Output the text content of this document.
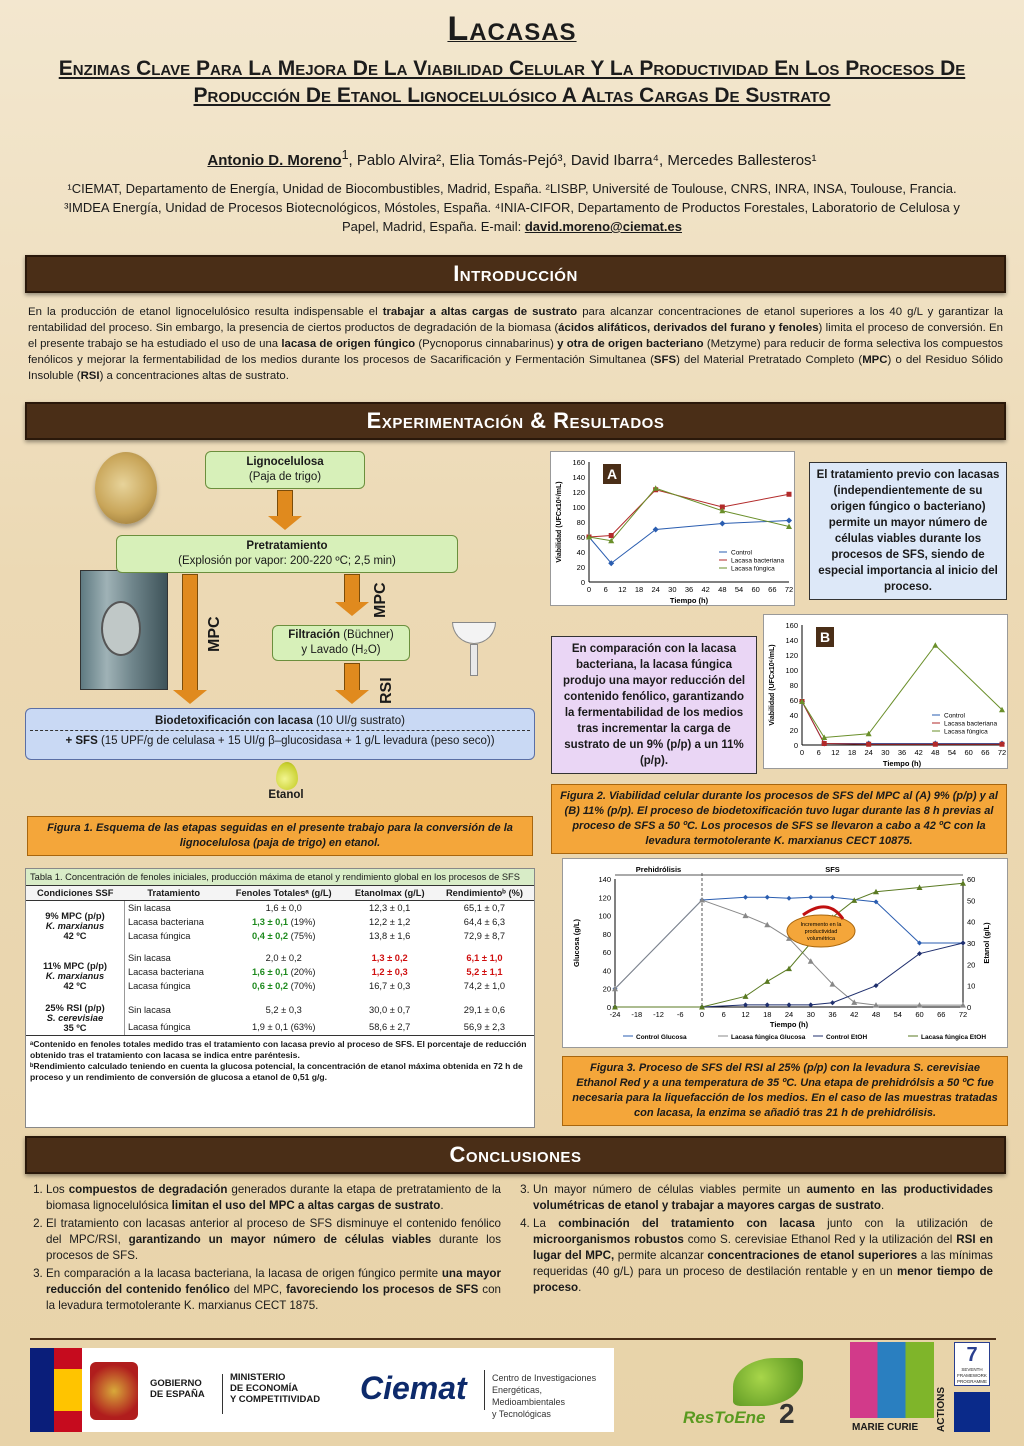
Lacasas
Enzimas Clave Para La Mejora De La Viabilidad Celular Y La Productividad En Los Procesos De Producción De Etanol Lignocelulósico A Altas Cargas De Sustrato
Antonio D. Moreno$^1$, Pablo Alvira², Elia Tomás-Pejó³, David Ibarra⁴, Mercedes Ballesteros¹
¹CIEMAT, Departamento de Energía, Unidad de Biocombustibles, Madrid, España. ²LISBP, Université de Toulouse, CNRS, INRA, INSA, Toulouse, Francia.
³IMDEA Energía, Unidad de Procesos Biotecnológicos, Móstoles, España. ⁴INIA-CIFOR, Departamento de Productos Forestales, Laboratorio de Celulosa y
Papel, Madrid, España. E-mail: david.moreno@ciemat.es
Introducción
En la producción de etanol lignocelulósico resulta indispensable el trabajar a altas cargas de sustrato para alcanzar concentraciones de etanol superiores a los 40 g/L y garantizar la rentabilidad del proceso. Sin embargo, la presencia de ciertos productos de degradación de la biomasa (ácidos alifáticos, derivados del furano y fenoles) limita el proceso de conversión. En el presente trabajo se ha estudiado el uso de una lacasa de origen fúngico (Pycnoporus cinnabarinus) y otra de origen bacteriano (Metzyme) para reducir de forma selectiva los compuestos fenólicos y mejorar la fermentabilidad de los medios durante los procesos de Sacarificación y Fermentación Simultanea (SFS) del Material Pretratado Completo (MPC) o del Residuo Sólido Insoluble (RSI) a concentraciones altas de sustrato.
Experimentación & Resultados
Lignocelulosa
(Paja de trigo)
Pretratamiento
(Explosión por vapor: 200-220 ºC; 2,5 min)
MPC
MPC
Filtración (Büchner)
y Lavado (H₂O)
RSI
Biodetoxificación con lacasa (10 UI/g sustrato)
+ SFS (15 UPF/g de celulasa + 15 UI/g β–glucosidasa + 1 g/L levadura (peso seco))
Etanol
Figura 1. Esquema de las etapas seguidas en el presente trabajo para la conversión de la lignocelulosa (paja de trigo) en etanol.
0
20
40
60
80
100
120
140
160
0 6 12 18 24 30 36 42 48 54 60 66 72
Tiempo (h)
Viabilidad (UFCx10⁶/mL)	Control
Lacasa bacteriana
Lacasa fúngica
A	El tratamiento previo con lacasas (independientemente de su origen fúngico o bacteriano) permite un mayor número de células viables durante los procesos de SFS, siendo de especial importancia al inicio del proceso.
En comparación con la lacasa bacteriana, la lacasa fúngica produjo una mayor reducción del contenido fenólico, garantizando la fermentabilidad de los medios tras incrementar la carga de sustrato de un 9% (p/p) a un 11% (p/p).
0
20
40
60
80
100
120
140
160
0 6 12 18 24 30 36 42 48 54 60 66 72
Tiempo (h)
Viabilidad (UFCx10⁶/mL)	Control
Lacasa bacteriana
Lacasa fúngica
B
Figura 2. Viabilidad celular durante los procesos de SFS del MPC al (A) 9% (p/p) y al (B) 11% (p/p). El proceso de biodetoxificación tuvo lugar durante las 8 h previas al proceso de SFS a 50 ºC. Los procesos de SFS se llevaron a cabo a 42 ºC con la levadura termotolerante K. marxianus CECT 10875.
Tabla 1. Concentración de fenoles iniciales, producción máxima de etanol y rendimiento global en los procesos de SFS
Condiciones SSF	Tratamiento	Fenoles Totalesᵃ (g/L)	Etanolmax (g/L)	Rendimientoᵇ (%)

9% MPC (p/p)
K. marxianus
42 ºC	Sin lacasa	1,6 ± 0,0	12,3 ± 0,1	65,1 ± 0,7
	Lacasa bacteriana	1,3 ± 0,1 (19%)	12,2 ± 1,2	64,4 ± 6,3
	Lacasa fúngica	0,4 ± 0,2 (75%)	13,8 ± 1,6	72,9 ± 8,7

11% MPC (p/p)
K. marxianus
42 ºC	Sin lacasa	2,0 ± 0,2	1,3 ± 0,2	6,1 ± 1,0
	Lacasa bacteriana	1,6 ± 0,1 (20%)	1,2 ± 0,3	5,2 ± 1,1
	Lacasa fúngica	0,6 ± 0,2 (70%)	16,7 ± 0,3	74,2 ± 1,0

25% RSI (p/p)
S. cerevisiae
35 ºC	Sin lacasa	5,2 ± 0,3	30,0 ± 0,7	29,1 ± 0,6
	Lacasa fúngica	1,9 ± 0,1 (63%)	58,6 ± 2,7	56,9 ± 2,3
ᵃContenido en fenoles totales medido tras el tratamiento con lacasa previo al proceso de SFS. El porcentaje de reducción obtenido tras el tratamiento con lacasa se indica entre paréntesis.
ᵇRendimiento calculado teniendo en cuenta la glucosa potencial, la concentración de etanol máxima obtenida en 72 h de proceso y un rendimiento de conversión de glucosa a etanol de 0,51 g/g.
0
20
40
60
80
100
120
140
0
10
20
30
40
50
60
-24 -18 -12 -6 0 6 12 18 24 30 36 42 48 54 60 66 72
Tiempo (h)
Glucosa (g/L)	Etanol (g/L)
Prehidrólisis	SFS
Control Glucosa	Lacasa fúngica Glucosa	Control EtOH	Lacasa fúngica EtOH
Incremento en la
productividad
volumétrica
Figura 3. Proceso de SFS del RSI al 25% (p/p) con la levadura S. cerevisiae Ethanol Red y a una temperatura de 35 ºC. Una etapa de prehidrólsis a 50 ºC fue necesaria para la liquefacción de los medios. En el caso de las muestras tratadas con lacasa, la enzima se añadió tras 21 h de prehidrólisis.
Conclusiones
1. Los compuestos de degradación generados durante la etapa de pretratamiento de la biomasa lignocelulósica limitan el uso del MPC a altas cargas de sustrato.
2. El tratamiento con lacasas anterior al proceso de SFS disminuye el contenido fenólico del MPC/RSI, garantizando un mayor número de células viables durante los procesos de SFS.
3. En comparación a la lacasa bacteriana, la lacasa de origen fúngico permite una mayor reducción del contenido fenólico del MPC, favoreciendo los procesos de SFS con la levadura termotolerante K. marxianus CECT 1875.
3. Un mayor número de células viables permite un aumento en las productividades volumétricas de etanol y trabajar a mayores cargas de sustrato.
4. La combinación del tratamiento con lacasa junto con la utilización de microorganismos robustos como S. cerevisiae Ethanol Red y la utilización del RSI en lugar del MPC, permite alcanzar concentraciones de etanol superiores a las mínimas requeridas (40 g/L) para un proceso de destilación rentable y en un menor tiempo de proceso.
GOBIERNO
DE ESPAÑA
MINISTERIO
DE ECONOMÍA
Y COMPETITIVIDAD Ciemat	Centro de Investigaciones
Energéticas, Medioambientales
y Tecnológicas	ResToEne 2	ACTIONS
MARIE CURIE
7
SEVENTH FRAMEWORK PROGRAMME
